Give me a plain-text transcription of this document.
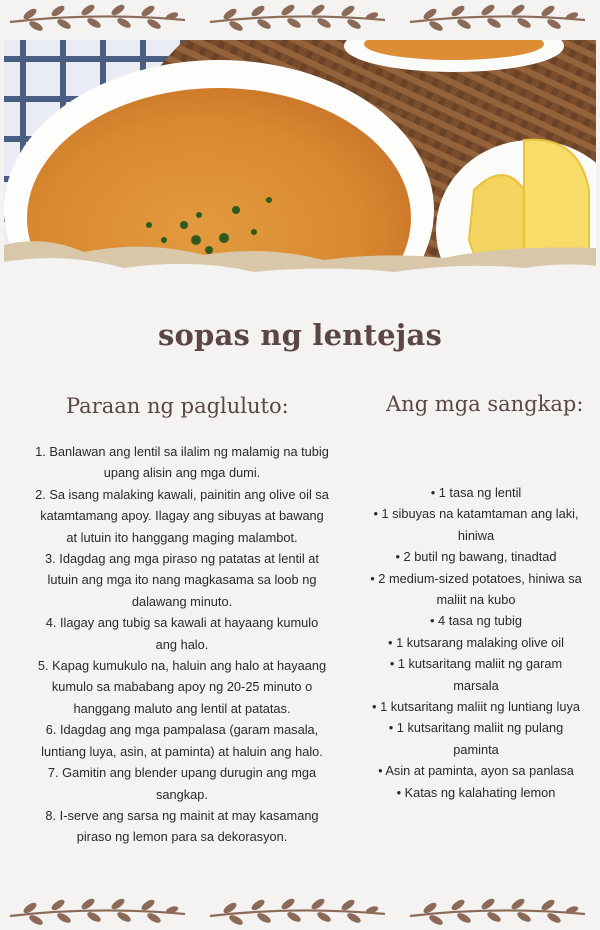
sopas ng lentejas
Paraan ng pagluluto:	Ang mga sangkap:

1. Banlawan ang lentil sa ilalim ng malamig na tubig upang alisin ang mga dumi.

2. Sa isang malaking kawali, painitin ang olive oil sa katamtamang apoy. Ilagay ang sibuyas at bawang at lutuin ito hanggang maging malambot.

3. Idagdag ang mga piraso ng patatas at lentil at lutuin ang mga ito nang magkasama sa loob ng dalawang minuto.

4. Ilagay ang tubig sa kawali at hayaang kumulo ang halo.

5. Kapag kumukulo na, haluin ang halo at hayaang kumulo sa mababang apoy ng 20-25 minuto o hanggang maluto ang lentil at patatas.

6. Idagdag ang mga pampalasa (garam masala, luntiang luya, asin, at paminta) at haluin ang halo.

7. Gamitin ang blender upang durugin ang mga sangkap.

8. I-serve ang sarsa ng mainit at may kasamang piraso ng lemon para sa dekorasyon.

• 1 tasa ng lentil

• 1 sibuyas na katamtaman ang laki, hiniwa

• 2 butil ng bawang, tinadtad

• 2 medium-sized potatoes, hiniwa sa maliit na kubo

• 4 tasa ng tubig

• 1 kutsarang malaking olive oil

• 1 kutsaritang maliit ng garam marsala

• 1 kutsaritang maliit ng luntiang luya

• 1 kutsaritang maliit ng pulang paminta

• Asin at paminta, ayon sa panlasa

• Katas ng kalahating lemon
